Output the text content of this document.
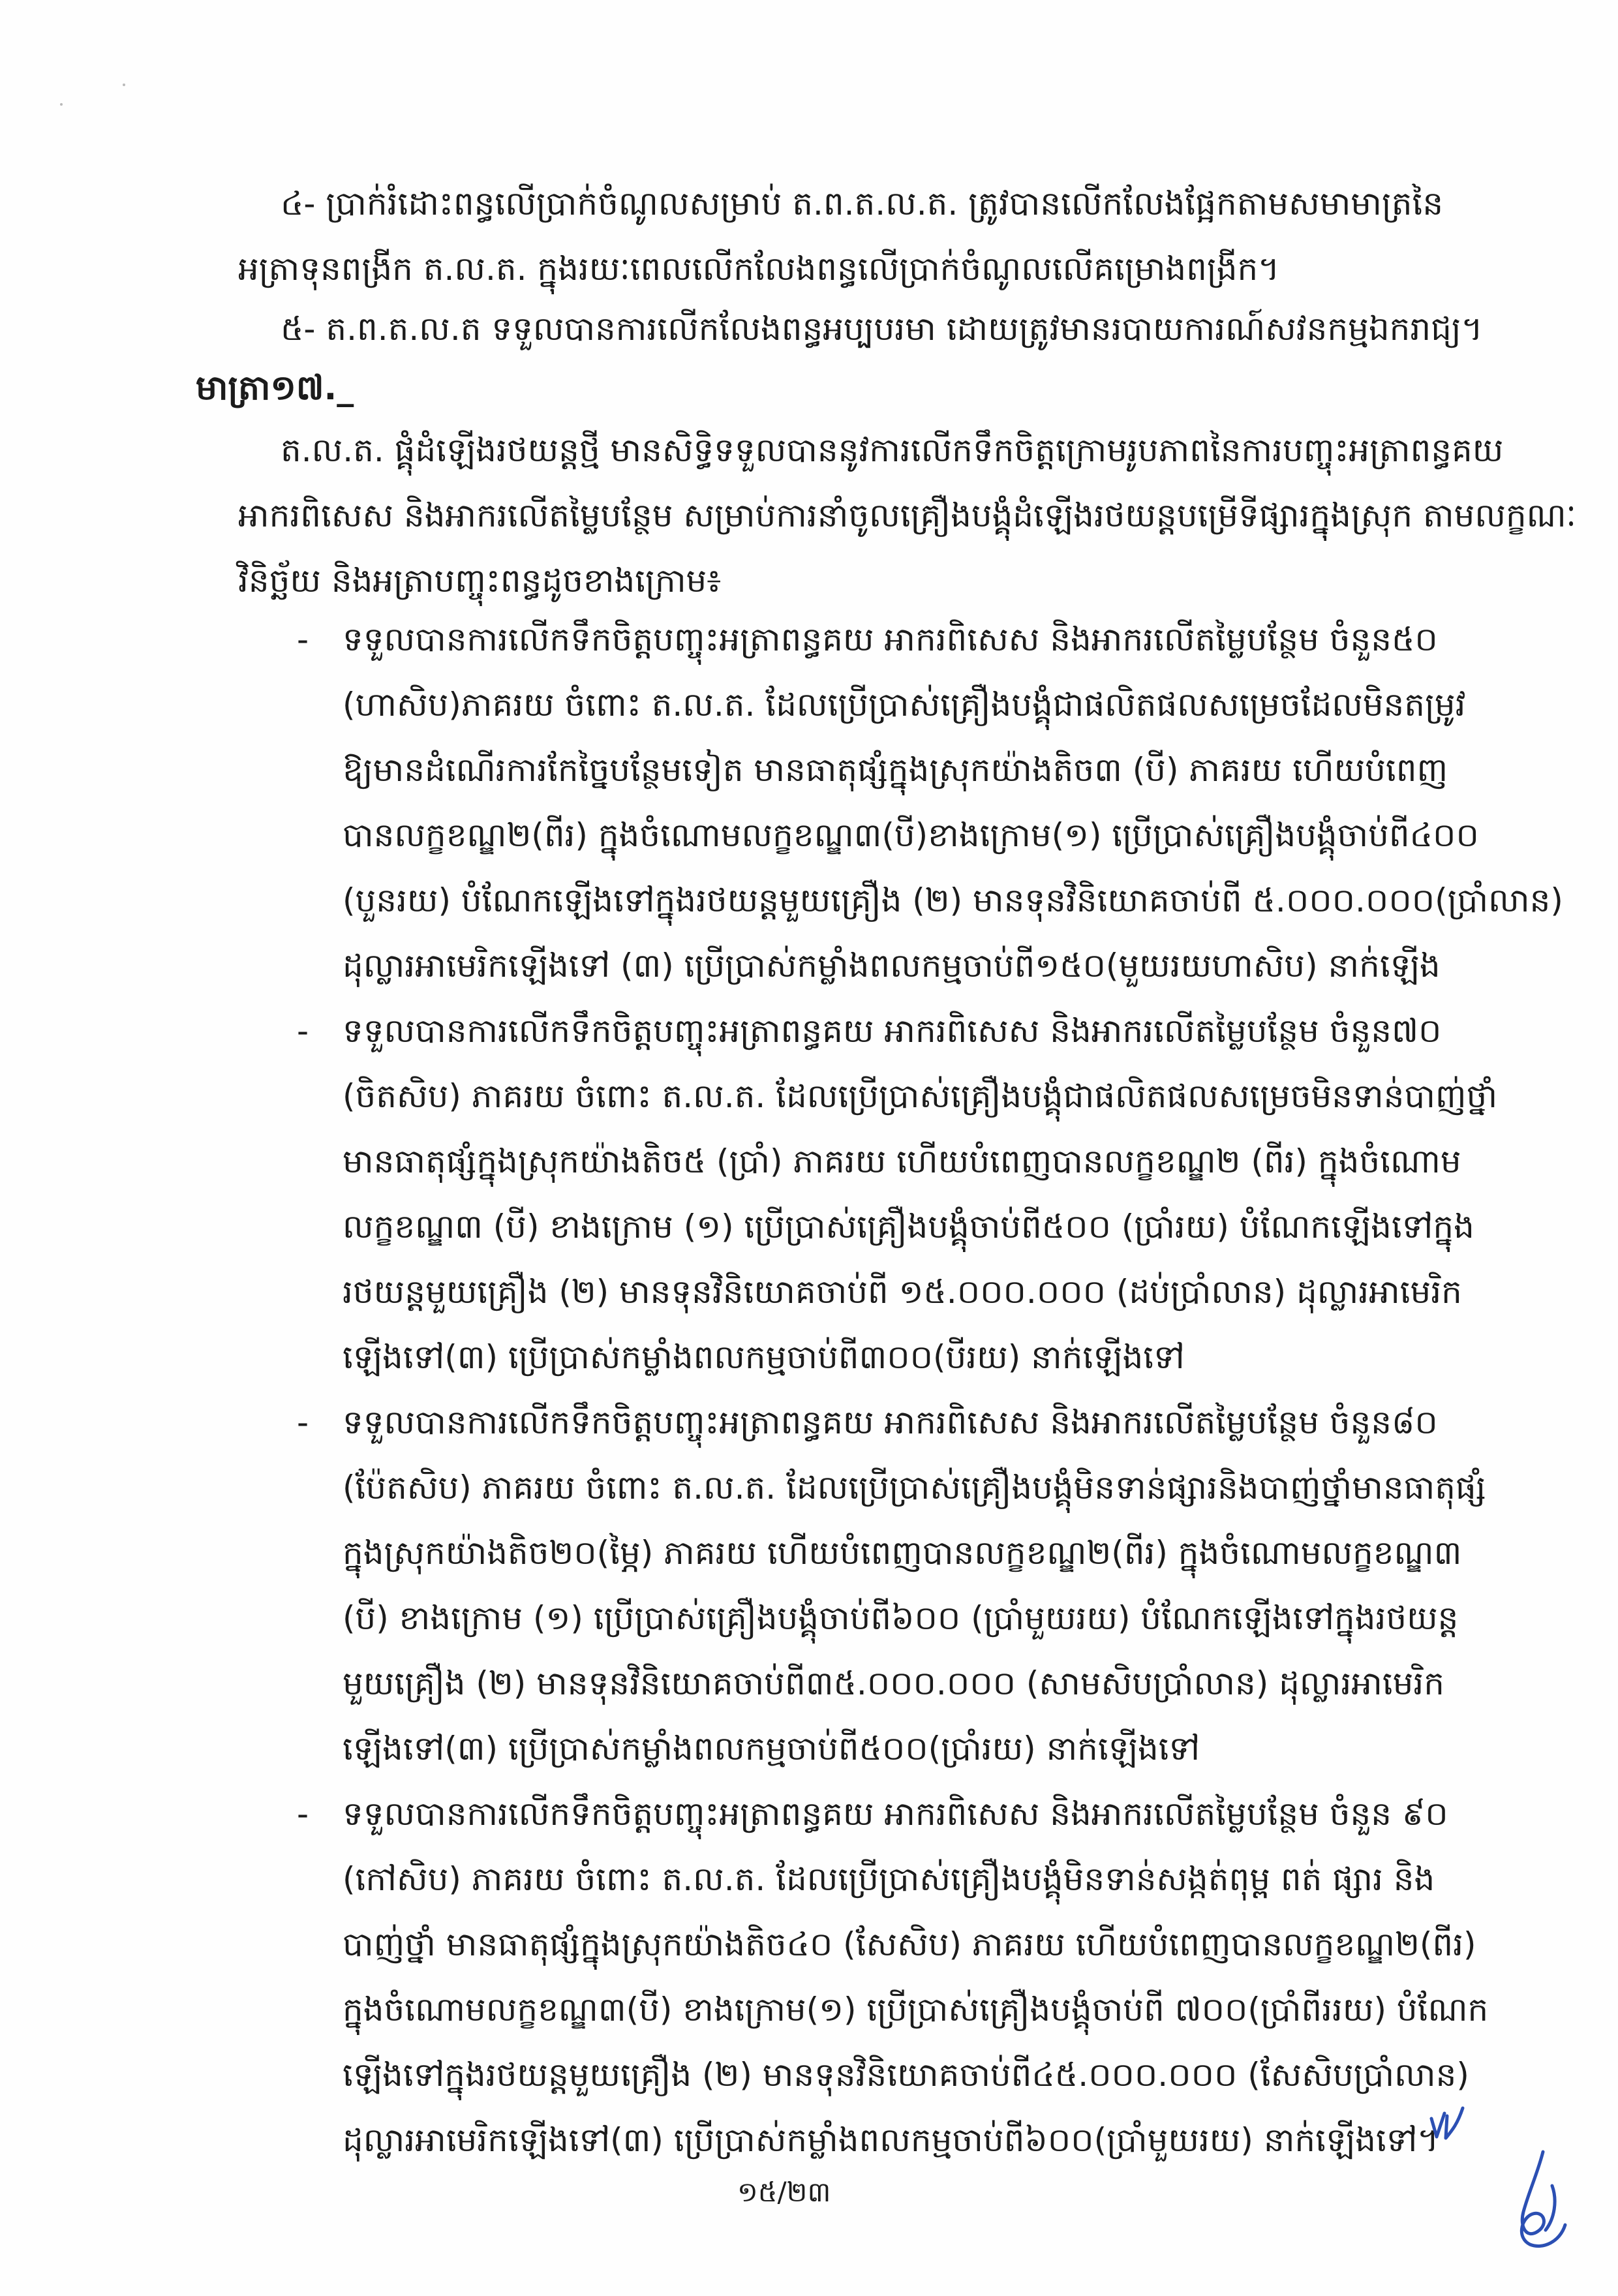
៤- ប្រាក់រំដោះពន្ធលើប្រាក់ចំណូលសម្រាប់ ត.ព.ត.ល.ត. ត្រូវបានលើកលែងផ្អែកតាមសមាមាត្រនៃ
អត្រាទុនពង្រីក ត.ល.ត. ក្នុងរយៈពេលលើកលែងពន្ធលើប្រាក់ចំណូលលើគម្រោងពង្រីក។

៥- ត.ព.ត.ល.ត ទទួលបានការលើកលែងពន្ធអប្បបរមា ដោយត្រូវមានរបាយការណ៍សវនកម្មឯករាជ្យ។

មាត្រា១៧._

ត.ល.ត. ផ្គុំដំឡើងរថយន្តថ្មី មានសិទ្ធិទទួលបាននូវការលើកទឹកចិត្តក្រោមរូបភាពនៃការបញ្ចុះអត្រាពន្ធគយ
អាករពិសេស និងអាករលើតម្លៃបន្ថែម សម្រាប់ការនាំចូលគ្រឿងបង្គុំដំឡើងរថយន្តបម្រើទីផ្សារក្នុងស្រុក តាមលក្ខណៈ
វិនិច្ឆ័យ និងអត្រាបញ្ចុះពន្ធដូចខាងក្រោម៖

- ទទួលបានការលើកទឹកចិត្តបញ្ចុះអត្រាពន្ធគយ អាករពិសេស និងអាករលើតម្លៃបន្ថែម ចំនួន៥០
(ហាសិប)ភាគរយ ចំពោះ ត.ល.ត. ដែលប្រើប្រាស់គ្រឿងបង្គុំជាផលិតផលសម្រេចដែលមិនតម្រូវ
ឱ្យមានដំណើរការកែច្នៃបន្ថែមទៀត មានធាតុផ្សំក្នុងស្រុកយ៉ាងតិច៣ (បី) ភាគរយ ហើយបំពេញ
បានលក្ខខណ្ឌ២(ពីរ) ក្នុងចំណោមលក្ខខណ្ឌ៣(បី)ខាងក្រោម(១) ប្រើប្រាស់គ្រឿងបង្គុំចាប់ពី៤០០
(បួនរយ) បំណែកឡើងទៅក្នុងរថយន្តមួយគ្រឿង (២) មានទុនវិនិយោគចាប់ពី ៥.០០០.០០០(ប្រាំលាន)
ដុល្លារអាមេរិកឡើងទៅ (៣) ប្រើប្រាស់កម្លាំងពលកម្មចាប់ពី១៥០(មួយរយហាសិប) នាក់ឡើង
- ទទួលបានការលើកទឹកចិត្តបញ្ចុះអត្រាពន្ធគយ អាករពិសេស និងអាករលើតម្លៃបន្ថែម ចំនួន៧០
(ចិតសិប) ភាគរយ ចំពោះ ត.ល.ត. ដែលប្រើប្រាស់គ្រឿងបង្គុំជាផលិតផលសម្រេចមិនទាន់បាញ់ថ្នាំ
មានធាតុផ្សំក្នុងស្រុកយ៉ាងតិច៥ (ប្រាំ) ភាគរយ ហើយបំពេញបានលក្ខខណ្ឌ២ (ពីរ) ក្នុងចំណោម
លក្ខខណ្ឌ៣ (បី) ខាងក្រោម (១) ប្រើប្រាស់គ្រឿងបង្គុំចាប់ពី៥០០ (ប្រាំរយ) បំណែកឡើងទៅក្នុង
រថយន្តមួយគ្រឿង (២) មានទុនវិនិយោគចាប់ពី ១៥.០០០.០០០ (ដប់ប្រាំលាន) ដុល្លារអាមេរិក
ឡើងទៅ(៣) ប្រើប្រាស់កម្លាំងពលកម្មចាប់ពី៣០០(បីរយ) នាក់ឡើងទៅ
- ទទួលបានការលើកទឹកចិត្តបញ្ចុះអត្រាពន្ធគយ អាករពិសេស និងអាករលើតម្លៃបន្ថែម ចំនួន៨០
(ប៉ែតសិប) ភាគរយ ចំពោះ ត.ល.ត. ដែលប្រើប្រាស់គ្រឿងបង្គុំមិនទាន់ផ្សារនិងបាញ់ថ្នាំមានធាតុផ្សំ
ក្នុងស្រុកយ៉ាងតិច២០(ម្ភៃ) ភាគរយ ហើយបំពេញបានលក្ខខណ្ឌ២(ពីរ) ក្នុងចំណោមលក្ខខណ្ឌ៣
(បី) ខាងក្រោម (១) ប្រើប្រាស់គ្រឿងបង្គុំចាប់ពី៦០០ (ប្រាំមួយរយ) បំណែកឡើងទៅក្នុងរថយន្ត
មួយគ្រឿង (២) មានទុនវិនិយោគចាប់ពី៣៥.០០០.០០០ (សាមសិបប្រាំលាន) ដុល្លារអាមេរិក
ឡើងទៅ(៣) ប្រើប្រាស់កម្លាំងពលកម្មចាប់ពី៥០០(ប្រាំរយ) នាក់ឡើងទៅ
- ទទួលបានការលើកទឹកចិត្តបញ្ចុះអត្រាពន្ធគយ អាករពិសេស និងអាករលើតម្លៃបន្ថែម ចំនួន ៩០
(កៅសិប) ភាគរយ ចំពោះ ត.ល.ត. ដែលប្រើប្រាស់គ្រឿងបង្គុំមិនទាន់សង្កត់ពុម្ព ពត់ ផ្សារ និង
បាញ់ថ្នាំ មានធាតុផ្សំក្នុងស្រុកយ៉ាងតិច៤០ (សែសិប) ភាគរយ ហើយបំពេញបានលក្ខខណ្ឌ២(ពីរ)
ក្នុងចំណោមលក្ខខណ្ឌ៣(បី) ខាងក្រោម(១) ប្រើប្រាស់គ្រឿងបង្គុំចាប់ពី ៧០០(ប្រាំពីររយ) បំណែក
ឡើងទៅក្នុងរថយន្តមួយគ្រឿង (២) មានទុនវិនិយោគចាប់ពី៤៥.០០០.០០០ (សែសិបប្រាំលាន)
ដុល្លារអាមេរិកឡើងទៅ(៣) ប្រើប្រាស់កម្លាំងពលកម្មចាប់ពី៦០០(ប្រាំមួយរយ) នាក់ឡើងទៅ។

១៥/២៣
